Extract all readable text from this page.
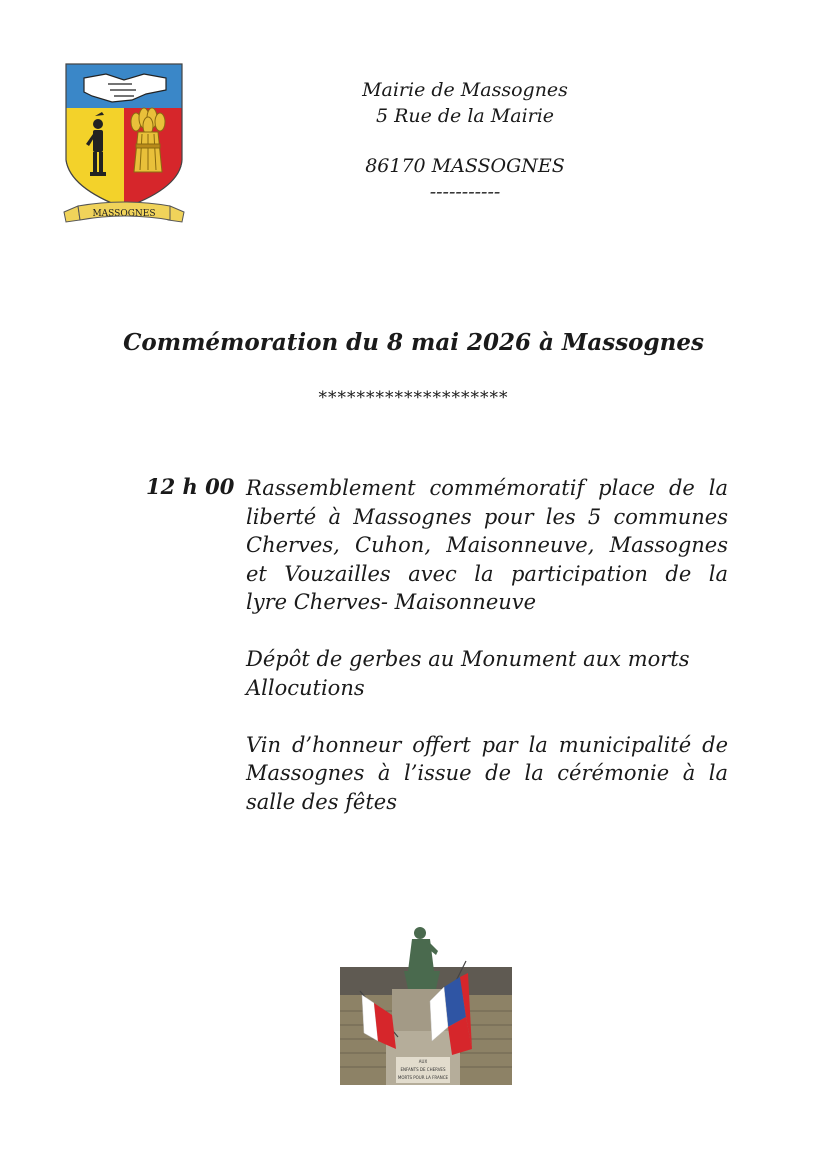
MASSOGNES
Mairie de Massognes
5 Rue de la Mairie
86170 MASSOGNES
-----------
Commémoration du 8 mai 2026 à Massognes
********************
12 h 00 Rassemblement commémoratif place de la
liberté à Massognes pour les 5 communes
Cherves, Cuhon, Maisonneuve, Massognes
et Vouzailles avec la participation de la
lyre Cherves- Maisonneuve
Dépôt de gerbes au Monument aux morts
Allocutions
Vin d’honneur offert par la municipalité de
Massognes à l’issue de la cérémonie à la
salle des fêtes
AUX
ENFANTS DE CHERVES
MORTS POUR LA FRANCE
